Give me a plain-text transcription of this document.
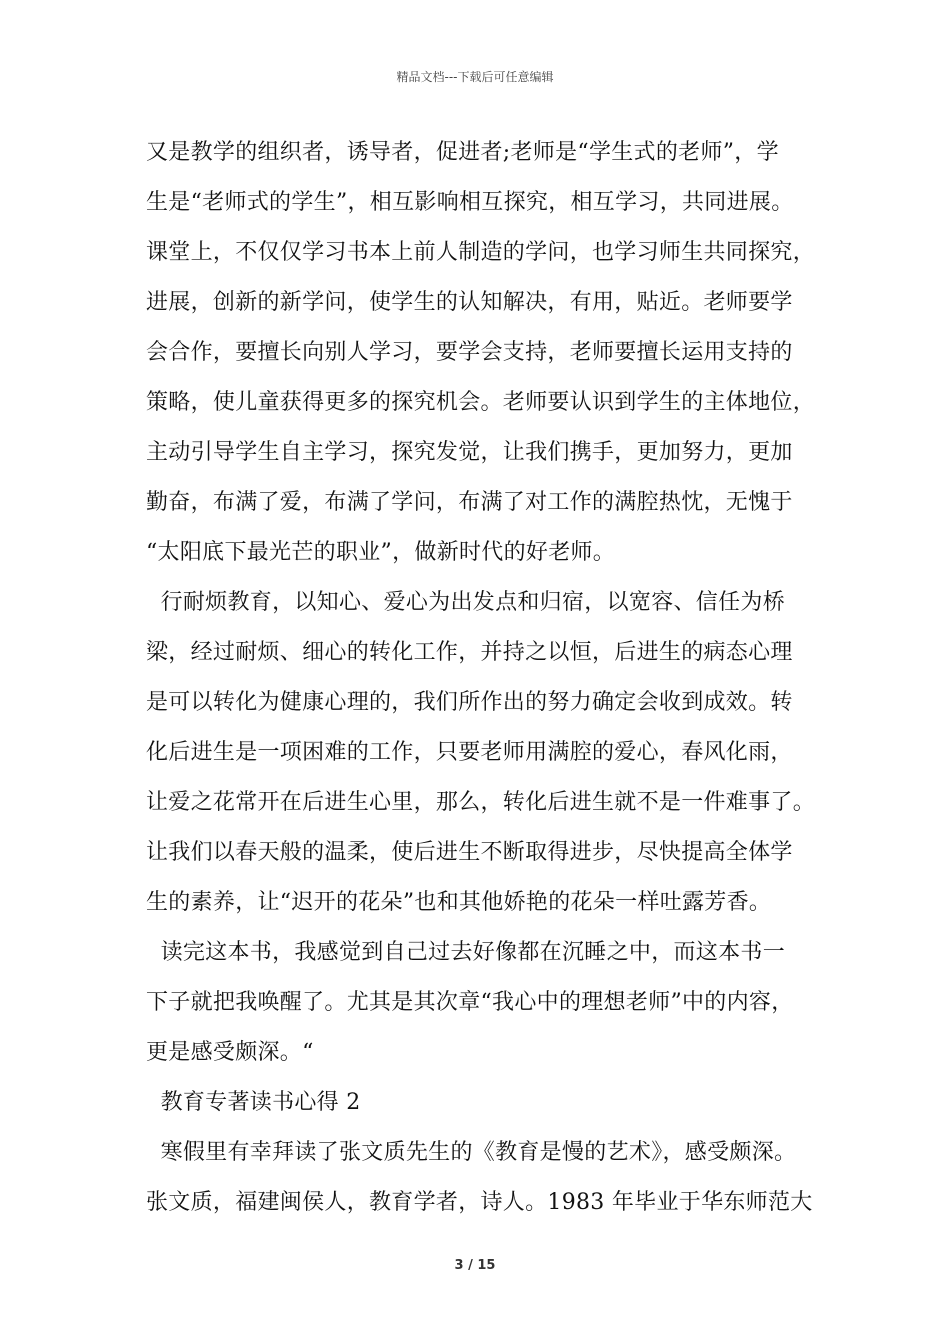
精品文档---下载后可任意编辑
又是教学的组织者，诱导者，促进者;老师是“学生式的老师”，学
生是“老师式的学生”，相互影响相互探究，相互学习，共同进展。
课堂上，不仅仅学习书本上前人制造的学问，也学习师生共同探究，
进展，创新的新学问，使学生的认知解决，有用，贴近。老师要学
会合作，要擅长向别人学习，要学会支持，老师要擅长运用支持的
策略，使儿童获得更多的探究机会。老师要认识到学生的主体地位，
主动引导学生自主学习，探究发觉，让我们携手，更加努力，更加
勤奋，布满了爱，布满了学问，布满了对工作的满腔热忱，无愧于
“太阳底下最光芒的职业”，做新时代的好老师。
行耐烦教育，以知心、爱心为出发点和归宿，以宽容、信任为桥
梁，经过耐烦、细心的转化工作，并持之以恒，后进生的病态心理
是可以转化为健康心理的，我们所作出的努力确定会收到成效。转
化后进生是一项困难的工作，只要老师用满腔的爱心，春风化雨，
让爱之花常开在后进生心里，那么，转化后进生就不是一件难事了。
让我们以春天般的温柔，使后进生不断取得进步，尽快提高全体学
生的素养，让“迟开的花朵”也和其他娇艳的花朵一样吐露芳香。
读完这本书，我感觉到自己过去好像都在沉睡之中，而这本书一
下子就把我唤醒了。尤其是其次章“我心中的理想老师”中的内容，
更是感受颇深。“
教育专著读书心得 2
寒假里有幸拜读了张文质先生的《教育是慢的艺术》，感受颇深。
张文质，福建闽侯人，教育学者，诗人。1983 年毕业于华东师范大
3 / 15
